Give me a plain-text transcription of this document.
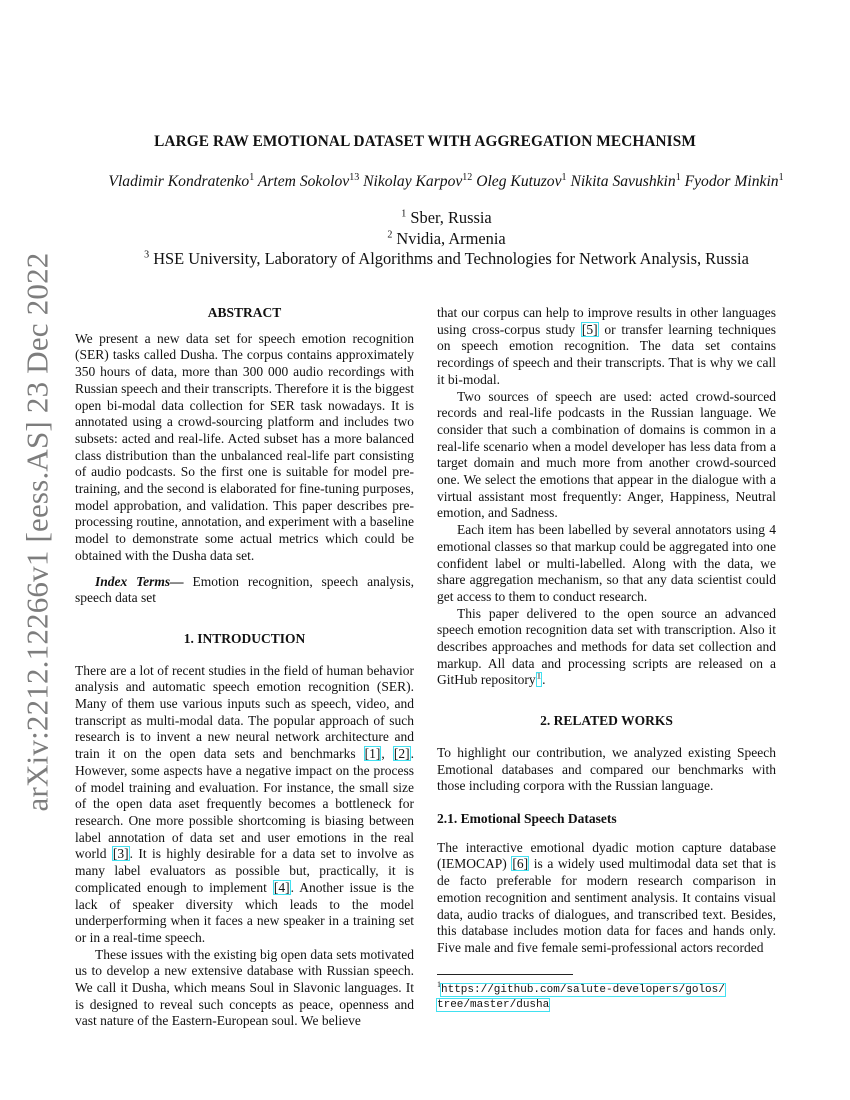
arXiv:2212.12266v1 [eess.AS] 23 Dec 2022
LARGE RAW EMOTIONAL DATASET WITH AGGREGATION MECHANISM
Vladimir Kondratenko$^1$ Artem Sokolov$^{13}$ Nikolay Karpov$^{12}$ Oleg Kutuzov$^1$ Nikita Savushkin$^1$ Fyodor Minkin$^1$
$^1$ Sber, Russia
$^2$ Nvidia, Armenia
$^3$ HSE University, Laboratory of Algorithms and Technologies for Network Analysis, Russia
ABSTRACT

We present a new data set for speech emotion recognition (SER) tasks called Dusha. The corpus contains approximately 350 hours of data, more than 300 000 audio recordings with Russian speech and their transcripts. Therefore it is the biggest open bi-modal data collection for SER task nowadays. It is annotated using a crowd-sourcing platform and includes two subsets: acted and real-life. Acted subset has a more balanced class distribution than the unbalanced real-life part consisting of audio podcasts. So the first one is suitable for model pre-training, and the second is elaborated for fine-tuning purposes, model approbation, and validation. This paper describes pre-processing routine, annotation, and experiment with a baseline model to demonstrate some actual metrics which could be obtained with the Dusha data set.

Index Terms— Emotion recognition, speech analysis, speech data set

1. INTRODUCTION

There are a lot of recent studies in the field of human behavior analysis and automatic speech emotion recognition (SER). Many of them use various inputs such as speech, video, and transcript as multi-modal data. The popular approach of such research is to invent a new neural network architecture and train it on the open data sets and benchmarks [1], [2]. However, some aspects have a negative impact on the process of model training and evaluation. For instance, the small size of the open data aset frequently becomes a bottleneck for research. One more possible shortcoming is biasing between label annotation of data set and user emotions in the real world [3]. It is highly desirable for a data set to involve as many label evaluators as possible but, practically, it is complicated enough to implement [4]. Another issue is the lack of speaker diversity which leads to the model underperforming when it faces a new speaker in a training set or in a real-time speech.

These issues with the existing big open data sets motivated us to develop a new extensive database with Russian speech. We call it Dusha, which means Soul in Slavonic languages. It is designed to reveal such concepts as peace, openness and vast nature of the Eastern-European soul. We believe

that our corpus can help to improve results in other languages using cross-corpus study [5] or transfer learning techniques on speech emotion recognition. The data set contains recordings of speech and their transcripts. That is why we call it bi-modal.

Two sources of speech are used: acted crowd-sourced records and real-life podcasts in the Russian language. We consider that such a combination of domains is common in a real-life scenario when a model developer has less data from a target domain and much more from another crowd-sourced one. We select the emotions that appear in the dialogue with a virtual assistant most frequently: Anger, Happiness, Neutral emotion, and Sadness.

Each item has been labelled by several annotators using 4 emotional classes so that markup could be aggregated into one confident label or multi-labelled. Along with the data, we share aggregation mechanism, so that any data scientist could get access to them to conduct research.

This paper delivered to the open source an advanced speech emotion recognition data set with transcription. Also it describes approaches and methods for data set collection and markup. All data and processing scripts are released on a GitHub repository$^1$.

2. RELATED WORKS

To highlight our contribution, we analyzed existing Speech Emotional databases and compared our benchmarks with those including corpora with the Russian language.

2.1. Emotional Speech Datasets

The interactive emotional dyadic motion capture database (IEMOCAP) [6] is a widely used multimodal data set that is de facto preferable for modern research comparison in emotion recognition and sentiment analysis. It contains visual data, audio tracks of dialogues, and transcribed text. Besides, this database includes motion data for faces and hands only. Five male and five female semi-professional actors recorded

$^1$https://github.com/salute-developers/golos/
tree/master/dusha
